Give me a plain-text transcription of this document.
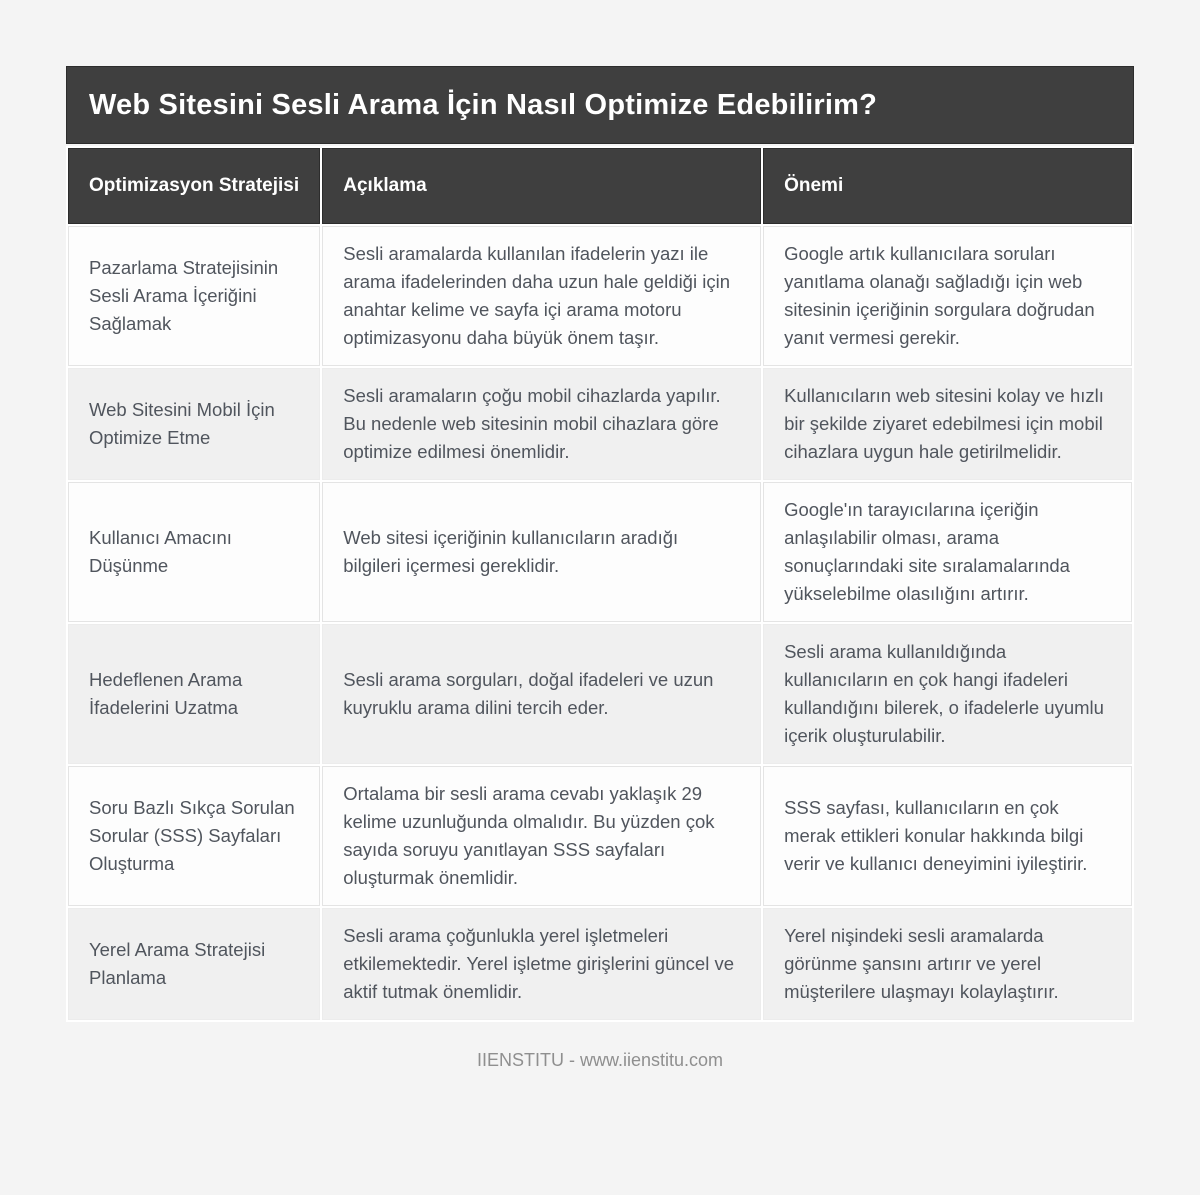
Web Sitesini Sesli Arama İçin Nasıl Optimize Edebilirim?
Optimizasyon Stratejisi	Açıklama	Önemi
Pazarlama Stratejisinin Sesli Arama İçeriğini Sağlamak	Sesli aramalarda kullanılan ifadelerin yazı ile arama ifadelerinden daha uzun hale geldiği için anahtar kelime ve sayfa içi arama motoru optimizasyonu daha büyük önem taşır.	Google artık kullanıcılara soruları yanıtlama olanağı sağladığı için web sitesinin içeriğinin sorgulara doğrudan yanıt vermesi gerekir.
Web Sitesini Mobil İçin Optimize Etme	Sesli aramaların çoğu mobil cihazlarda yapılır. Bu nedenle web sitesinin mobil cihazlara göre optimize edilmesi önemlidir.	Kullanıcıların web sitesini kolay ve hızlı bir şekilde ziyaret edebilmesi için mobil cihazlara uygun hale getirilmelidir.
Kullanıcı Amacını Düşünme	Web sitesi içeriğinin kullanıcıların aradığı bilgileri içermesi gereklidir.	Google'ın tarayıcılarına içeriğin anlaşılabilir olması, arama sonuçlarındaki site sıralamalarında yükselebilme olasılığını artırır.
Hedeflenen Arama İfadelerini Uzatma	Sesli arama sorguları, doğal ifadeleri ve uzun kuyruklu arama dilini tercih eder.	Sesli arama kullanıldığında kullanıcıların en çok hangi ifadeleri kullandığını bilerek, o ifadelerle uyumlu içerik oluşturulabilir.
Soru Bazlı Sıkça Sorulan Sorular (SSS) Sayfaları Oluşturma	Ortalama bir sesli arama cevabı yaklaşık 29 kelime uzunluğunda olmalıdır. Bu yüzden çok sayıda soruyu yanıtlayan SSS sayfaları oluşturmak önemlidir.	SSS sayfası, kullanıcıların en çok merak ettikleri konular hakkında bilgi verir ve kullanıcı deneyimini iyileştirir.
Yerel Arama Stratejisi Planlama	Sesli arama çoğunlukla yerel işletmeleri etkilemektedir. Yerel işletme girişlerini güncel ve aktif tutmak önemlidir.	Yerel nişindeki sesli aramalarda görünme şansını artırır ve yerel müşterilere ulaşmayı kolaylaştırır.
IIENSTITU - www.iienstitu.com
